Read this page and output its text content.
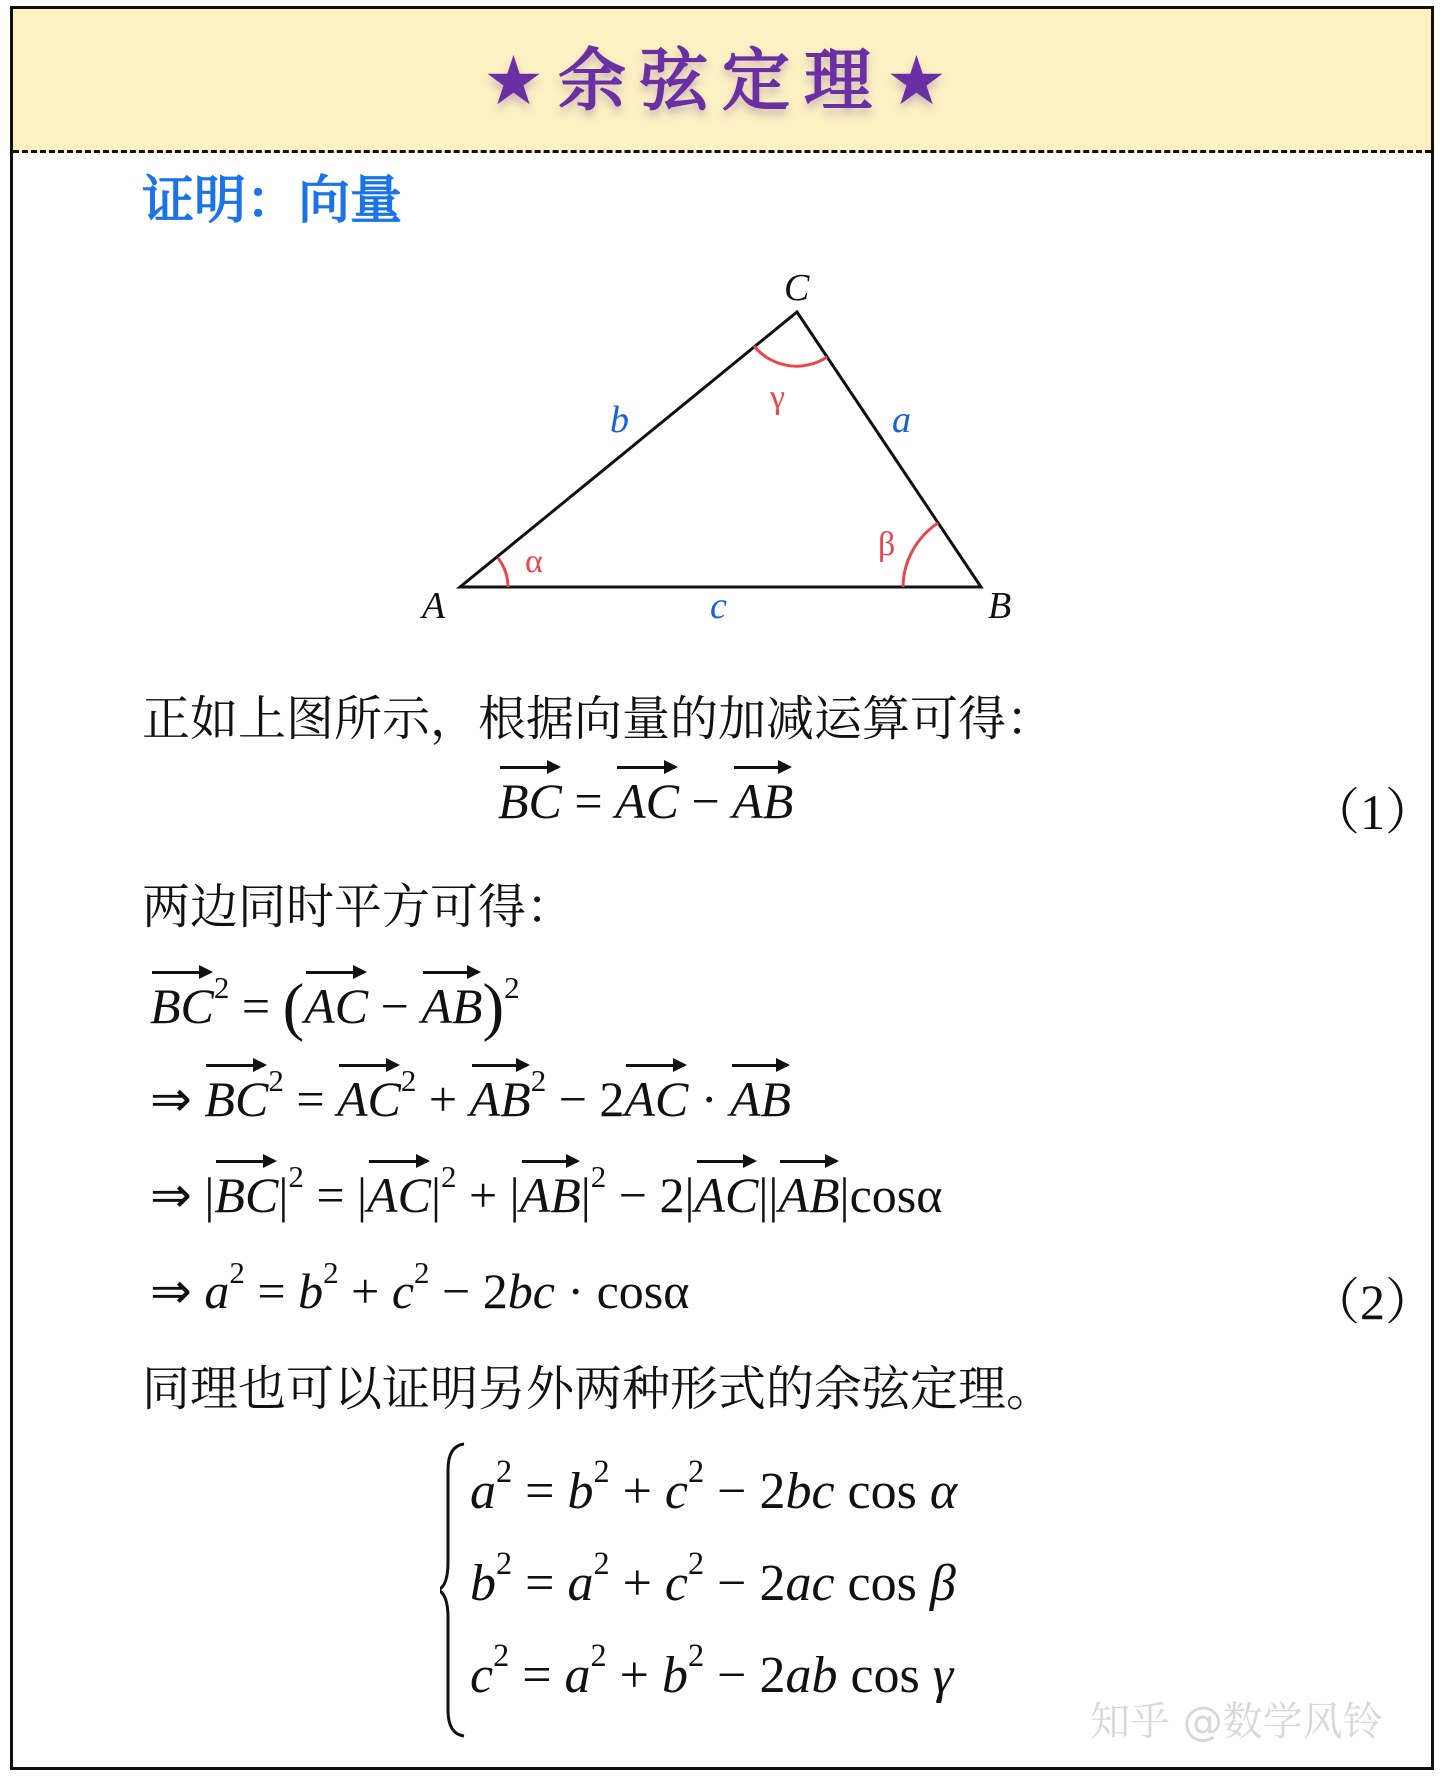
★余弦定理★
证明：向量
A	B
C
b	a
c
α	β
γ
正如上图所示，根据向量的加减运算可得：
BC = AC − AB	（1）
两边同时平方可得：
$BC^2 = (AC - AB)^2$
⇒ $BC^2 = AC^2 + AB^2 - 2AC$ · AB
⇒ $|BC|^2 = |AC|^2 + |AB|^2 - 2|AC||AB|\cos\alpha$
⇒ $a^2 = b^2 + c^2 - 2bc \cdot \cos\alpha$	（2）
同理也可以证明另外两种形式的余弦定理。
$a^2 = b^2 + c^2 - 2bc$ cos α
$b^2 = a^2 + c^2 - 2ac$ cos β
$c^2 = a^2 + b^2 - 2ab$ cos γ
知乎 @数学风铃
